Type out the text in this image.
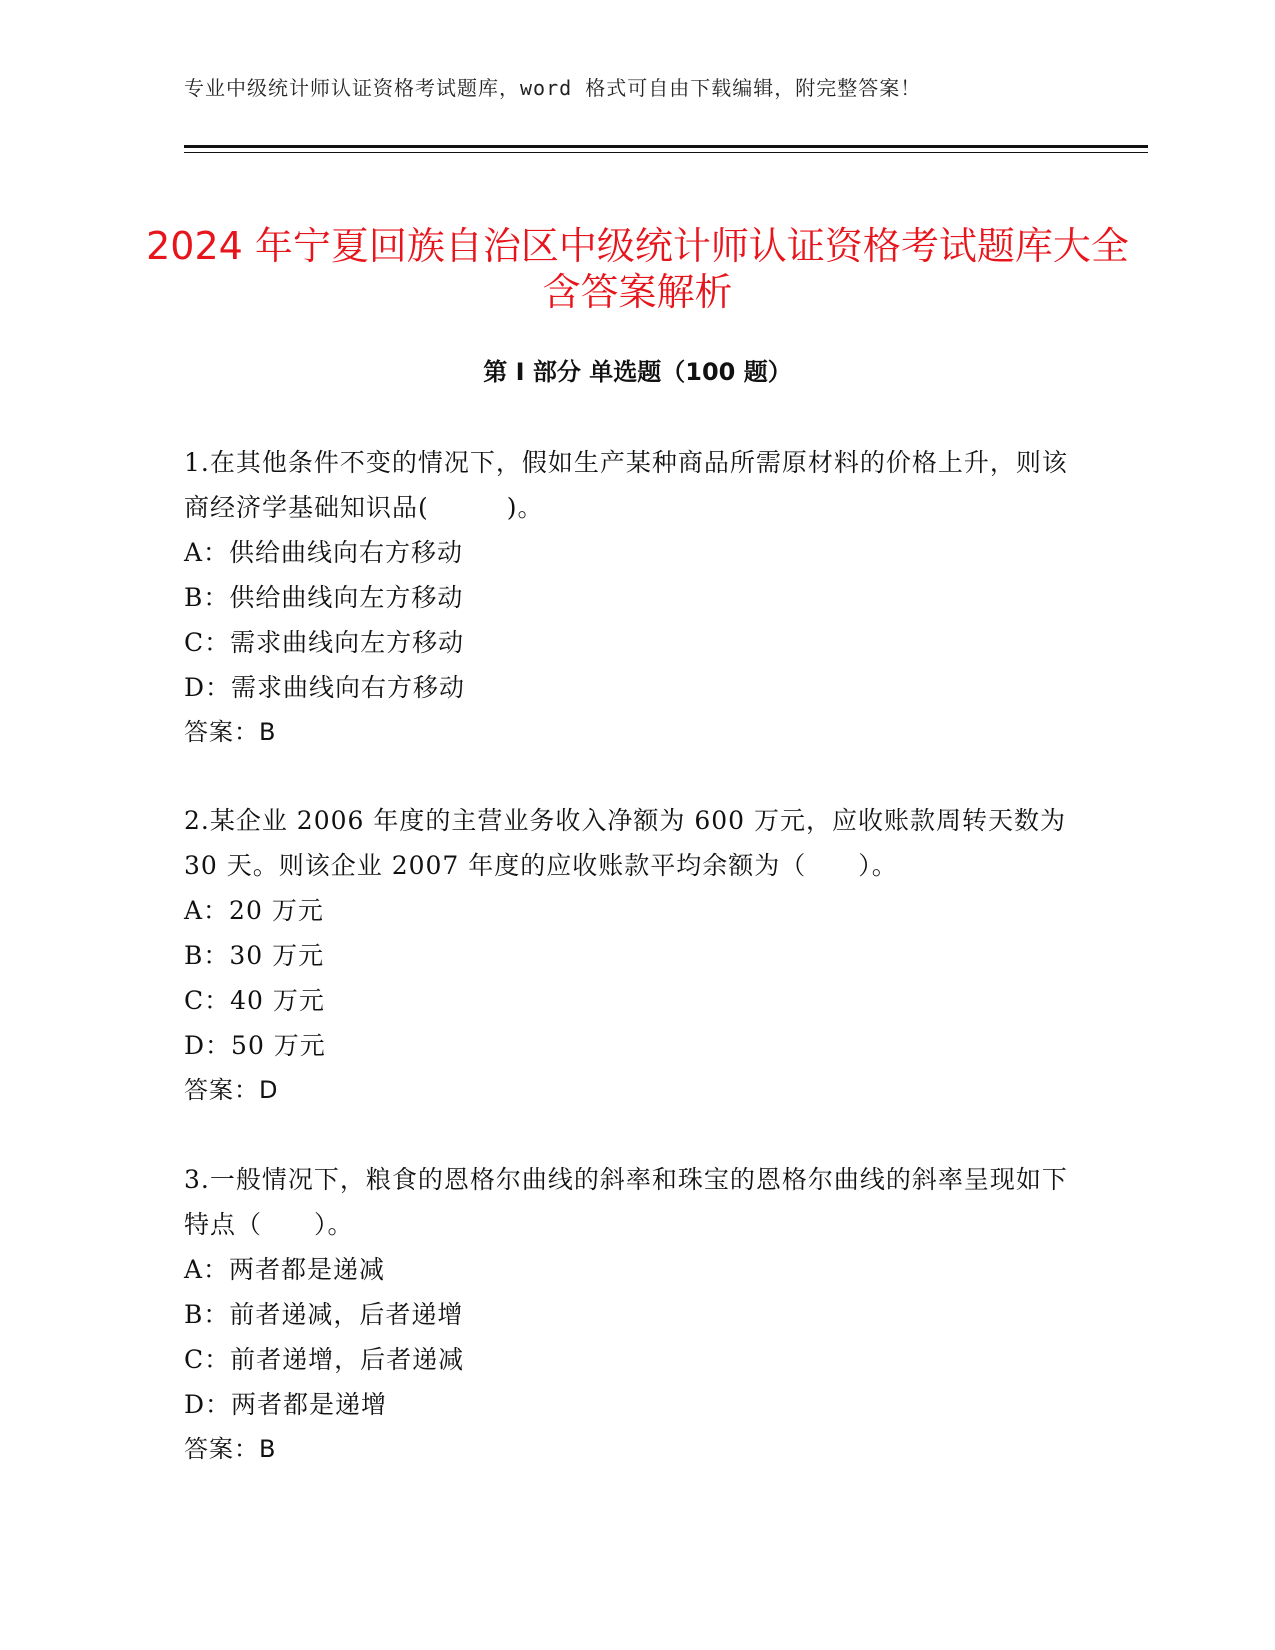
专业中级统计师认证资格考试题库，word 格式可自由下载编辑，附完整答案！
2024 年宁夏回族自治区中级统计师认证资格考试题库大全含答案解析
第 I 部分 单选题（100 题）

1.在其他条件不变的情况下，假如生产某种商品所需原材料的价格上升，则该商经济学基础知识品(　　　)。

A：供给曲线向右方移动

B：供给曲线向左方移动

C：需求曲线向左方移动

D：需求曲线向右方移动

答案：B

2.某企业 2006 年度的主营业务收入净额为 600 万元，应收账款周转天数为 30 天。则该企业 2007 年度的应收账款平均余额为（　　）。

A：20 万元

B：30 万元

C：40 万元

D：50 万元

答案：D

3.一般情况下，粮食的恩格尔曲线的斜率和珠宝的恩格尔曲线的斜率呈现如下特点（　　）。

A：两者都是递减

B：前者递减，后者递增

C：前者递增，后者递减

D：两者都是递增

答案：B
